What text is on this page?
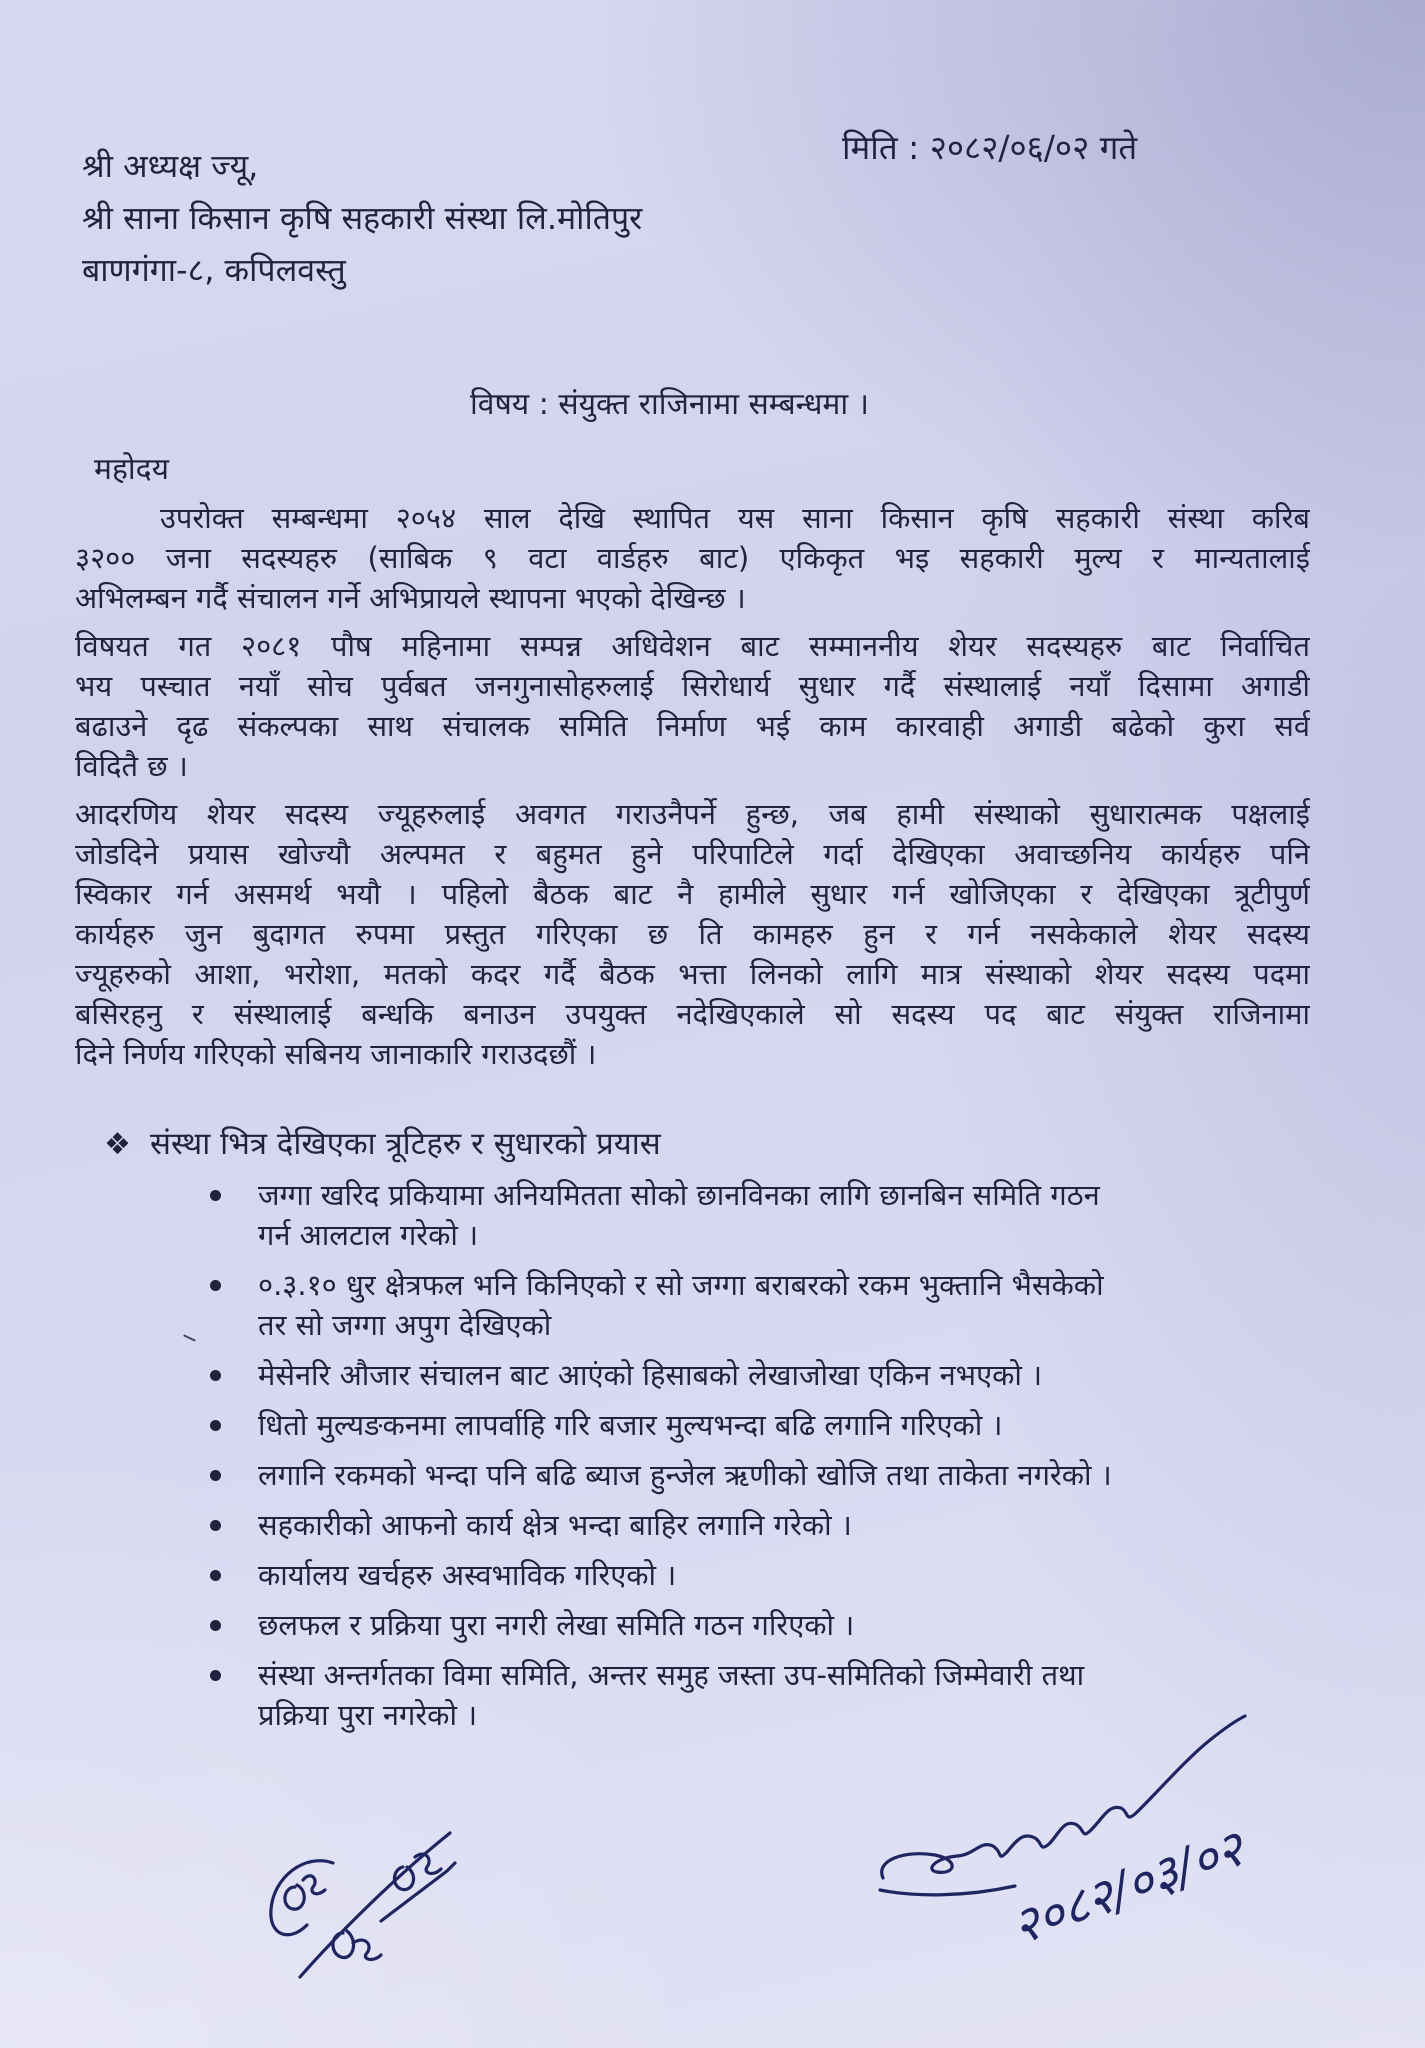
मिति : २०८२/०६/०२ गते
श्री अध्यक्ष ज्यू,
श्री साना किसान कृषि सहकारी संस्था लि.मोतिपुर
बाणगंगा-८, कपिलवस्तु
विषय : संयुक्त राजिनामा सम्बन्धमा ।
महोदय
उपरोक्त सम्बन्धमा २०५४ साल देखि स्थापित यस साना किसान कृषि सहकारी संस्था करिब
३२०० जना सदस्यहरु (साबिक ९ वटा वार्डहरु बाट) एकिकृत भइ सहकारी मुल्य र मान्यतालाई
अभिलम्बन गर्दै संचालन गर्ने अभिप्रायले स्थापना भएको देखिन्छ ।
विषयत गत २०८१ पौष महिनामा सम्पन्न अधिवेशन बाट सम्माननीय शेयर सदस्यहरु बाट निर्वाचित
भय पस्चात नयाँ सोच पुर्वबत जनगुनासोहरुलाई सिरोधार्य सुधार गर्दै संस्थालाई नयाँ दिसामा अगाडी
बढाउने दृढ संकल्पका साथ संचालक समिति निर्माण भई काम कारवाही अगाडी बढेको कुरा सर्व
विदितै छ ।
आदरणिय शेयर सदस्य ज्यूहरुलाई अवगत गराउनैपर्ने हुन्छ, जब हामी संस्थाको सुधारात्मक पक्षलाई
जोडदिने प्रयास खोज्यौ अल्पमत र बहुमत हुने परिपाटिले गर्दा देखिएका अवाच्छनिय कार्यहरु पनि
स्विकार गर्न असमर्थ भयौ । पहिलो बैठक बाट नै हामीले सुधार गर्न खोजिएका र देखिएका त्रूटीपुर्ण
कार्यहरु जुन बुदागत रुपमा प्रस्तुत गरिएका छ ति कामहरु हुन र गर्न नसकेकाले शेयर सदस्य
ज्यूहरुको आशा, भरोशा, मतको कदर गर्दै बैठक भत्ता लिनको लागि मात्र संस्थाको शेयर सदस्य पदमा
बसिरहनु र संस्थालाई बन्धकि बनाउन उपयुक्त नदेखिएकाले सो सदस्य पद बाट संयुक्त राजिनामा
दिने निर्णय गरिएको सबिनय जानाकारि गराउदछौं ।
❖ संस्था भित्र देखिएका त्रूटिहरु र सुधारको प्रयास
जग्गा खरिद प्रकियामा अनियमितता सोको छानविनका लागि छानबिन समिति गठन
गर्न आलटाल गरेको ।
०.३.१० धुर क्षेत्रफल भनि किनिएको र सो जग्गा बराबरको रकम भुक्तानि भैसकेको
तर सो जग्गा अपुग देखिएको
मेसेनरि औजार संचालन बाट आएंको हिसाबको लेखाजोखा एकिन नभएको ।
धितो मुल्यङकनमा लापर्वाहि गरि बजार मुल्यभन्दा बढि लगानि गरिएको ।
लगानि रकमको भन्दा पनि बढि ब्याज हुन्जेल ऋणीको खोजि तथा ताकेता नगरेको ।
सहकारीको आफनो कार्य क्षेत्र भन्दा बाहिर लगानि गरेको ।
कार्यालय खर्चहरु अस्वभाविक गरिएको ।
छलफल र प्रक्रिया पुरा नगरी लेखा समिति गठन गरिएको ।
संस्था अन्तर्गतका विमा समिति, अन्तर समुह जस्ता उप-समितिको जिम्मेवारी तथा
प्रक्रिया पुरा नगरेको ।
२०८२/०३/०२
